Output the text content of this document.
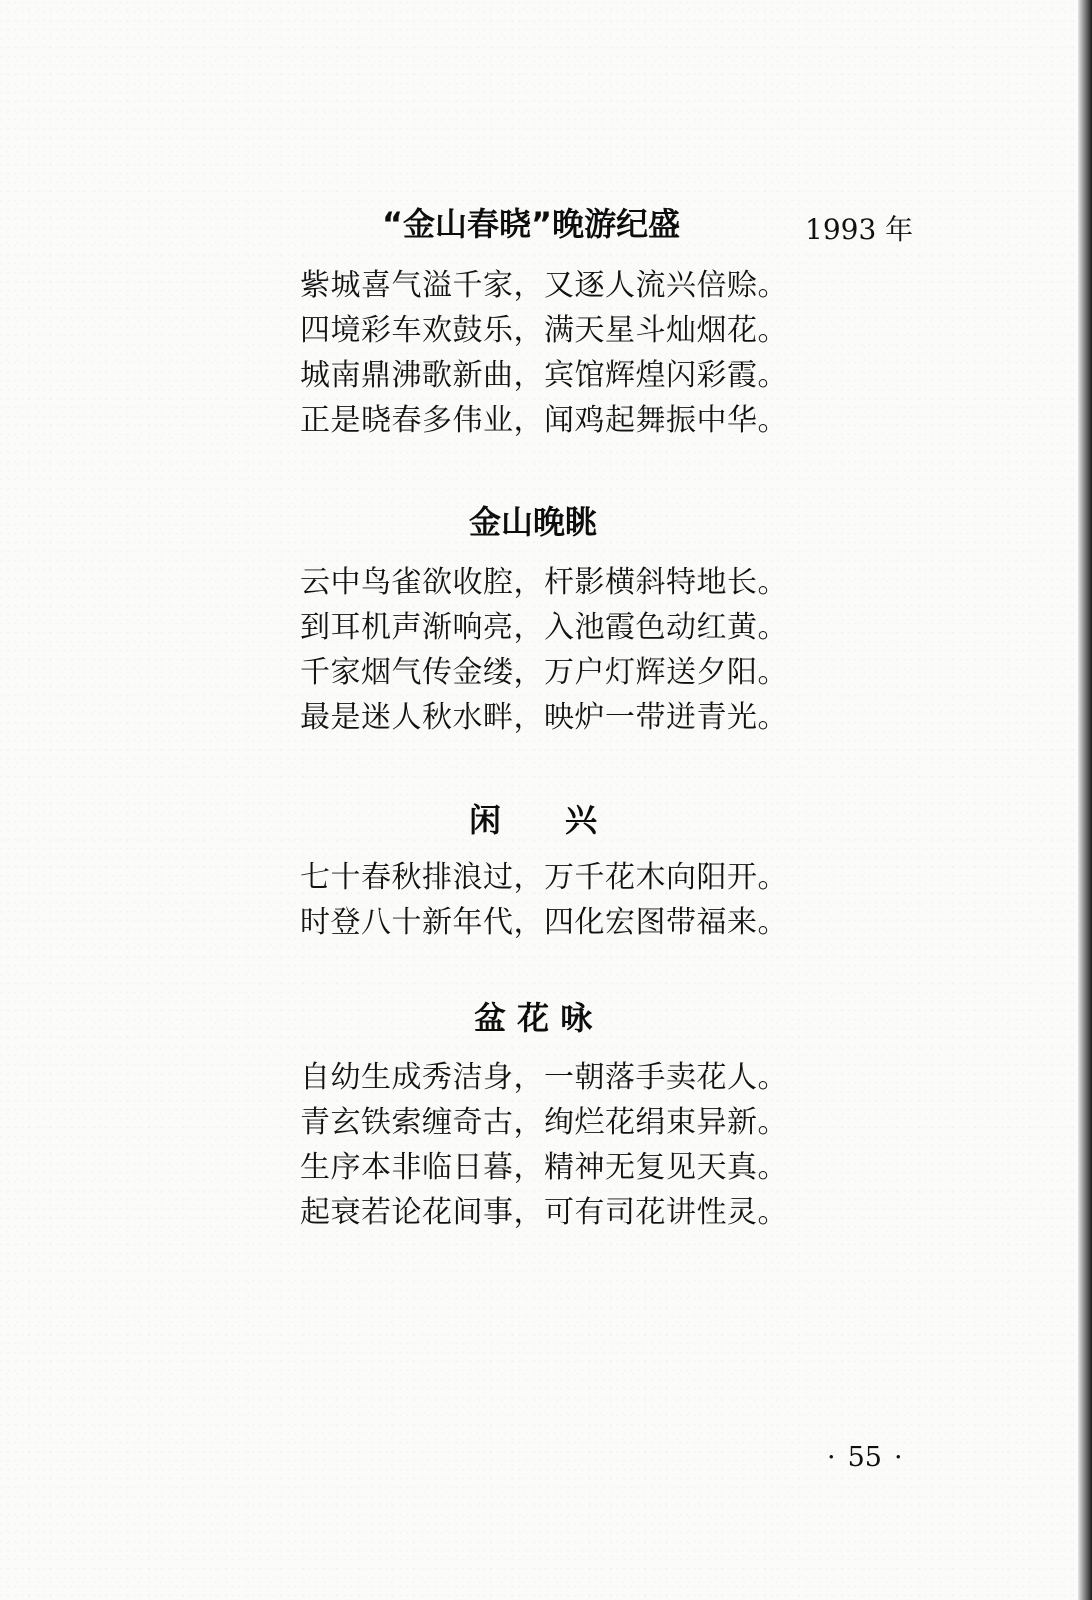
“金山春晓”晚游纪盛	1993 年
紫城喜气溢千家，又逐人流兴倍赊。
四境彩车欢鼓乐，满天星斗灿烟花。
城南鼎沸歌新曲，宾馆辉煌闪彩霞。
正是晓春多伟业，闻鸡起舞振中华。
金山晚眺
云中鸟雀欲收腔，杆影横斜特地长。
到耳机声渐响亮，入池霞色动红黄。
千家烟气传金缕，万户灯辉送夕阳。
最是迷人秋水畔，映炉一带迸青光。
闲　　兴
七十春秋排浪过，万千花木向阳开。
时登八十新年代，四化宏图带福来。
盆 花 咏
自幼生成秀洁身，一朝落手卖花人。
青玄铁索缠奇古，绚烂花绢束异新。
生序本非临日暮，精神无复见天真。
起衰若论花间事，可有司花讲性灵。
· 55 ·
